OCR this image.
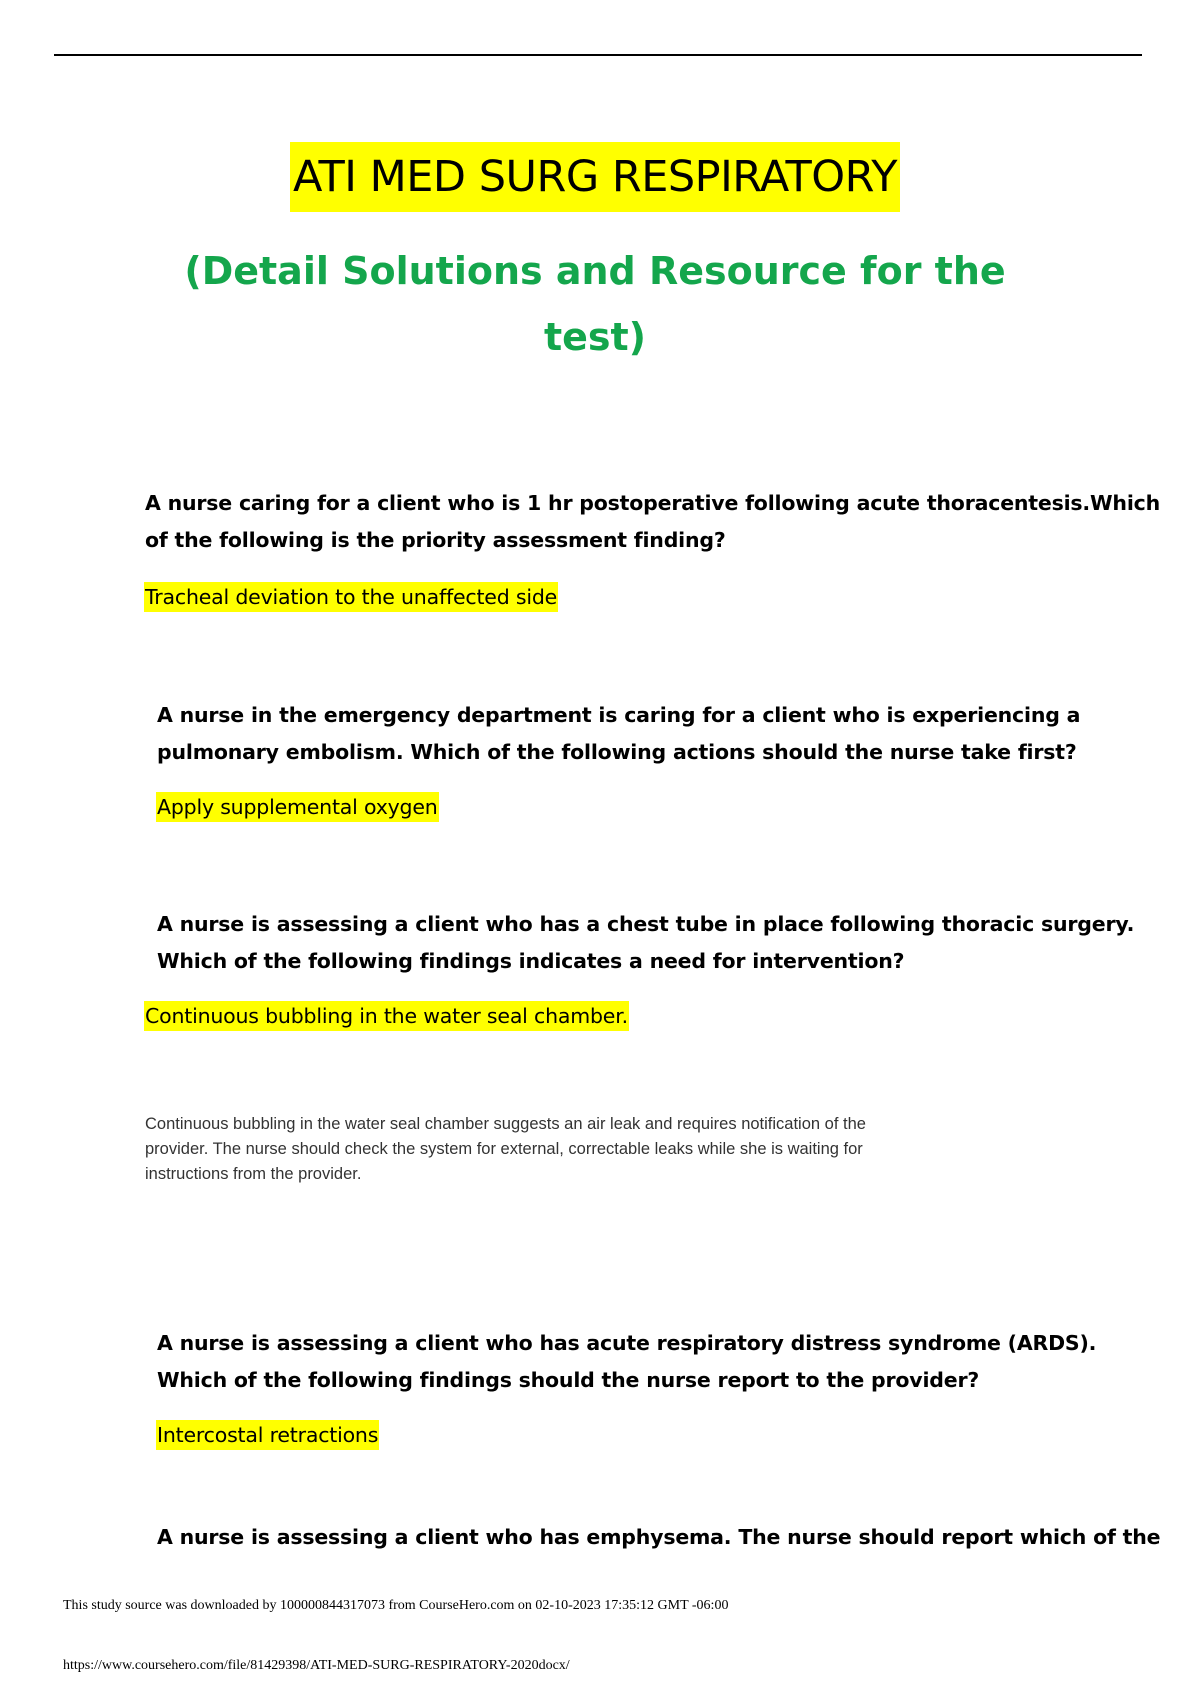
ATI MED SURG RESPIRATORY
(Detail Solutions and Resource for the
test)
A nurse caring for a client who is 1 hr postoperative following acute thoracentesis.Which
of the following is the priority assessment finding?
Tracheal deviation to the unaffected side
A nurse in the emergency department is caring for a client who is experiencing a
pulmonary embolism. Which of the following actions should the nurse take first?
Apply supplemental oxygen
A nurse is assessing a client who has a chest tube in place following thoracic surgery.
Which of the following findings indicates a need for intervention?
Continuous bubbling in the water seal chamber.
Continuous bubbling in the water seal chamber suggests an air leak and requires notification of the
provider. The nurse should check the system for external, correctable leaks while she is waiting for
instructions from the provider.
A nurse is assessing a client who has acute respiratory distress syndrome (ARDS).
Which of the following findings should the nurse report to the provider?
Intercostal retractions
A nurse is assessing a client who has emphysema. The nurse should report which of the
This study source was downloaded by 100000844317073 from CourseHero.com on 02-10-2023 17:35:12 GMT -06:00
https://www.coursehero.com/file/81429398/ATI-MED-SURG-RESPIRATORY-2020docx/
